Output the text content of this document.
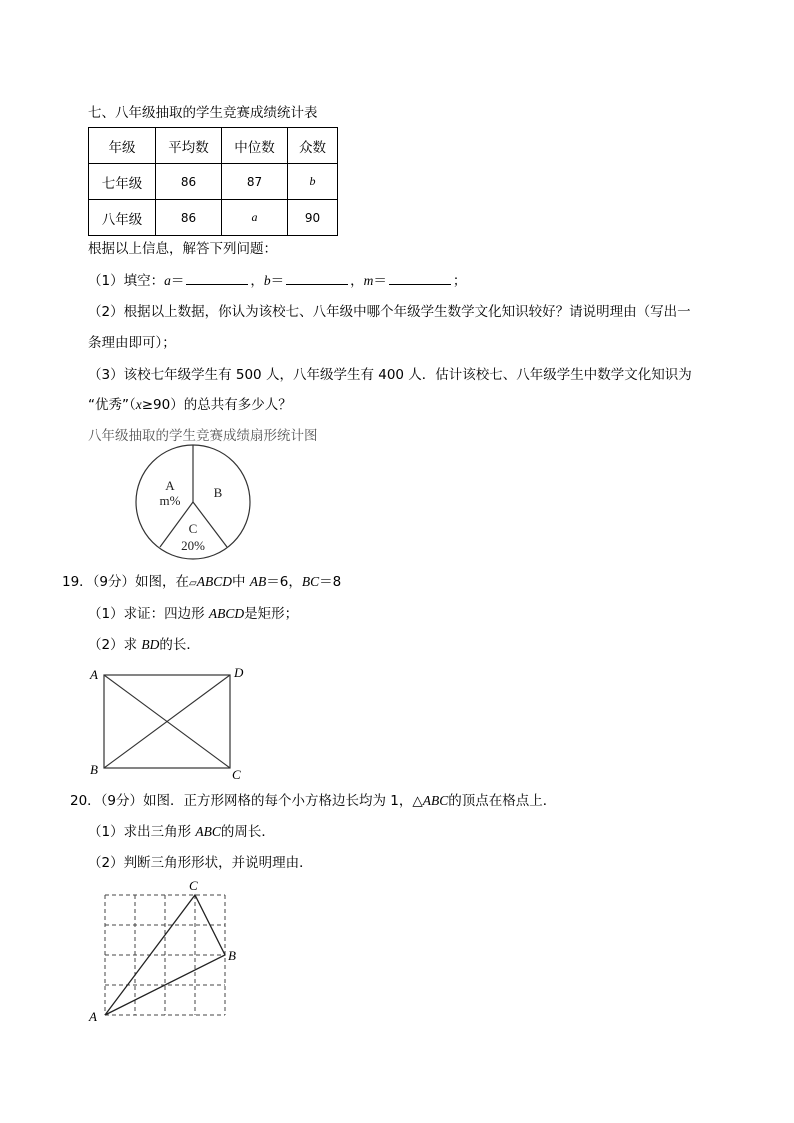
七、八年级抽取的学生竞赛成绩统计表
年级	平均数	中位数	众数
七年级	86	87	b
八年级	86	a	90
根据以上信息，解答下列问题：
（1）填空：a＝	，b＝	，m＝	；
（2）根据以上数据，你认为该校七、八年级中哪个年级学生数学文化知识较好？请说明理由（写出一
条理由即可）；
（3）该校七年级学生有 500 人，八年级学生有 400 人．估计该校七、八年级学生中数学文化知识为
“优秀”（x≥90）的总共有多少人？
八年级抽取的学生竞赛成绩扇形统计图
A
m%
B
C
20%
19．（9分）如图，在▱ABCD中 AB＝6，BC＝8
（1）求证：四边形 ABCD是矩形；
（2）求 BD的长．
A	D
B	C
20．（9分）如图．正方形网格的每个小方格边长均为 1，△ABC的顶点在格点上．
（1）求出三角形 ABC的周长．
（2）判断三角形形状，并说明理由．
A
C
B
